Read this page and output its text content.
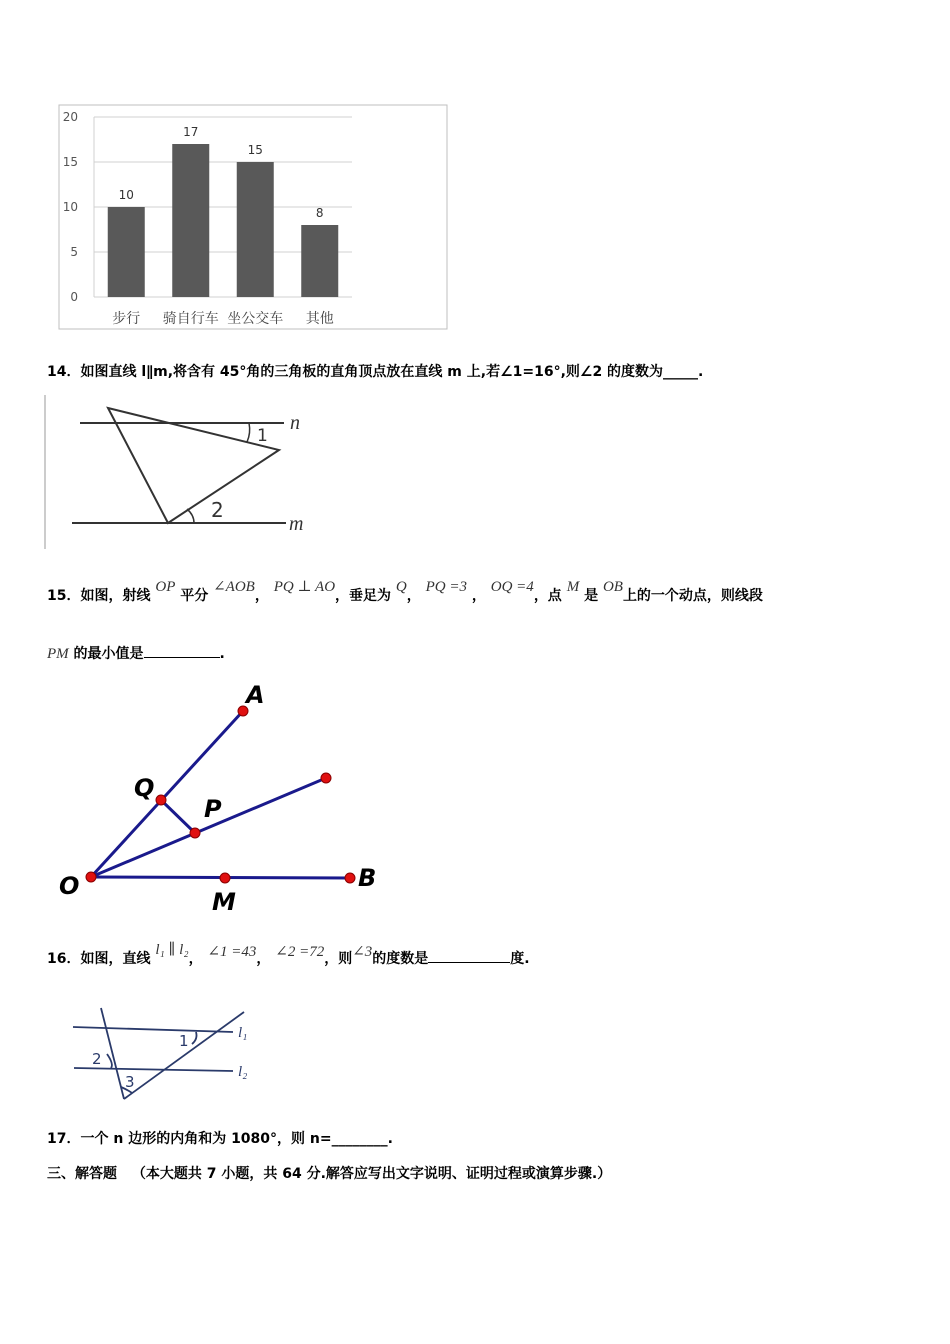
20
15
10
5
0
10
17
15
8
步行 骑自行车 坐公交车 其他
14．如图直线 l∥m,将含有 45°角的三角板的直角顶点放在直线 m 上,若∠1=16°,则∠2 的度数为_____.
n
m
1
2
15．如图，射线 OP 平分 ∠AOB， PQ ⊥ AO，垂足为 Q， PQ =3 ， OQ =4，点 M 是 OB上的一个动点，则线段
PM 的最小值是	.
A
Q
P
O
M
B
16．如图，直线 l₁ ∥ l₂， ∠1 =43， ∠2 =72，则∠3的度数是	度.
l₁
l₂
1
2
3
17．一个 n 边形的内角和为 1080°，则 n=________.
三、解答题 （本大题共 7 小题，共 64 分.解答应写出文字说明、证明过程或演算步骤.）
